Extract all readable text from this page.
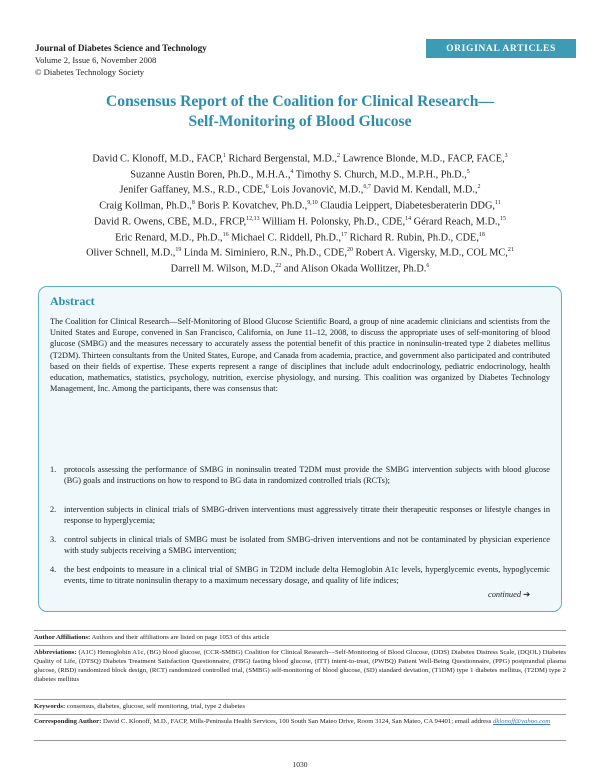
Journal of Diabetes Science and Technology
Volume 2, Issue 6, November 2008
© Diabetes Technology Society
ORIGINAL ARTICLES
Consensus Report of the Coalition for Clinical Research—
Self-Monitoring of Blood Glucose
David C. Klonoff, M.D., FACP,$^1$ Richard Bergenstal, M.D.,$^2$ Lawrence Blonde, M.D., FACP, FACE,$^3$
Suzanne Austin Boren, Ph.D., M.H.A.,$^4$ Timothy S. Church, M.D., M.P.H., Ph.D.,$^5$
Jenifer Gaffaney, M.S., R.D., CDE,$^6$ Lois Jovanovič, M.D.,$^{6,7}$ David M. Kendall, M.D.,$^2$
Craig Kollman, Ph.D.,$^8$ Boris P. Kovatchev, Ph.D.,$^{9,10}$ Claudia Leippert, Diabetesberaterin DDG,$^{11}$
David R. Owens, CBE, M.D., FRCP,$^{12,13}$ William H. Polonsky, Ph.D., CDE,$^{14}$ Gérard Reach, M.D.,$^{15}$
Eric Renard, M.D., Ph.D.,$^{16}$ Michael C. Riddell, Ph.D.,$^{17}$ Richard R. Rubin, Ph.D., CDE,$^{18}$
Oliver Schnell, M.D.,$^{19}$ Linda M. Siminiero, R.N., Ph.D., CDE,$^{20}$ Robert A. Vigersky, M.D., COL MC,$^{21}$
Darrell M. Wilson, M.D.,$^{22}$ and Alison Okada Wollitzer, Ph.D.$^6$
Abstract

The Coalition for Clinical Research—Self-Monitoring of Blood Glucose Scientific Board, a group of nine academic clinicians and scientists from the United States and Europe, convened in San Francisco, California, on June 11–12, 2008, to discuss the appropriate uses of self-monitoring of blood glucose (SMBG) and the measures necessary to accurately assess the potential benefit of this practice in noninsulin-treated type 2 diabetes mellitus (T2DM). Thirteen consultants from the United States, Europe, and Canada from academia, practice, and government also participated and contributed based on their fields of expertise. These experts represent a range of disciplines that include adult endocrinology, pediatric endocrinology, health education, mathematics, statistics, psychology, nutrition, exercise physiology, and nursing. This coalition was organized by Diabetes Technology Management, Inc. Among the participants, there was consensus that:

1. protocols assessing the performance of SMBG in noninsulin treated T2DM must provide the SMBG intervention subjects with blood glucose (BG) goals and instructions on how to respond to BG data in randomized controlled trials (RCTs);
2. intervention subjects in clinical trials of SMBG-driven interventions must aggressively titrate their therapeutic responses or lifestyle changes in response to hyperglycemia;
3. control subjects in clinical trials of SMBG must be isolated from SMBG-driven interventions and not be contaminated by physician experience with study subjects receiving a SMBG intervention;
4. the best endpoints to measure in a clinical trial of SMBG in T2DM include delta Hemoglobin A1c levels, hyperglycemic events, hypoglycemic events, time to titrate noninsulin therapy to a maximum necessary dosage, and quality of life indices;
continued ➔
Author Affiliations: Authors and their affiliations are listed on page 1053 of this article
Abbreviations: (A1C) Hemoglobin A1c, (BG) blood glucose, (CCR-SMBG) Coalition for Clinical Research—Self-Monitoring of Blood Glucose, (DDS) Diabetes Distress Scale, (DQOL) Diabetes Quality of Life, (DTSQ) Diabetes Treatment Satisfaction Questionnaire, (FBG) fasting blood glucose, (ITT) intent-to-treat, (PWBQ) Patient Well-Being Questionnaire, (PPG) postprandial plasma glucose, (RBD) randomized block design, (RCT) randomized controlled trial, (SMBG) self-monitoring of blood glucose, (SD) standard deviation, (T1DM) type 1 diabetes mellitus, (T2DM) type 2 diabetes mellitus
Keywords: consensus, diabetes, glucose, self monitoring, trial, type 2 diabetes
Corresponding Author: David C. Klonoff, M.D., FACP, Mills-Peninsula Health Services, 100 South San Mateo Drive, Room 3124, San Mateo, CA 94401; email address dklonoff@yahoo.com
1030
